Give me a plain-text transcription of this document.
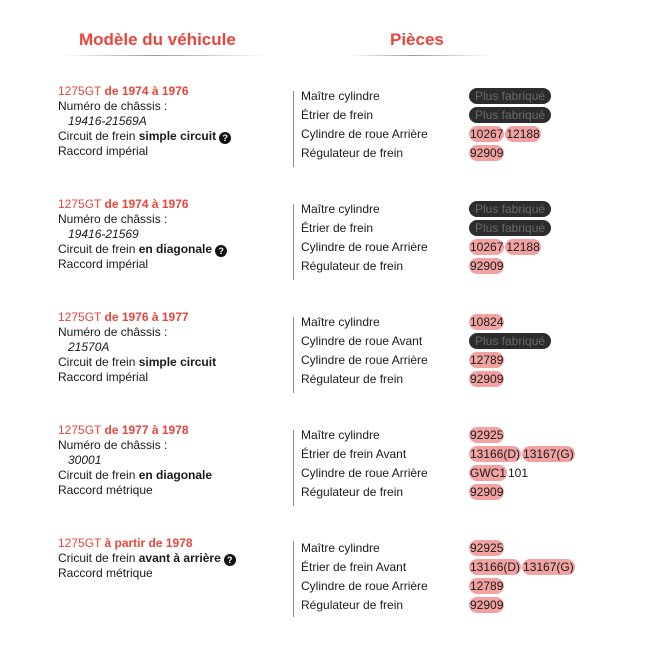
Modèle du véhicule	Pièces
1275GT de 1974 à 1976
Numéro de châssis :
19416-21569A
Circuit de frein simple circuit ?
Raccord impérial
Maître cylindre	Plus fabriqué
Étrier de frein	Plus fabriqué
Cylindre de roue Arrière	10267 12188
Régulateur de frein	92909
1275GT de 1974 à 1976
Numéro de châssis :
19416-21569
Circuit de frein en diagonale ?
Raccord impérial
Maître cylindre	Plus fabriqué
Étrier de frein	Plus fabriqué
Cylindre de roue Arrière	10267 12188
Régulateur de frein	92909
1275GT de 1976 à 1977
Numéro de châssis :
21570A
Circuit de frein simple circuit
Raccord impérial
Maître cylindre	10824
Cylindre de roue Avant	Plus fabriqué
Cylindre de roue Arrière	12789
Régulateur de frein	92909
1275GT de 1977 à 1978
Numéro de châssis :
30001
Circuit de frein en diagonale
Raccord métrique
Maître cylindre	92925
Étrier de frein Avant	13166(D) 13167(G)
Cylindre de roue Arrière	GWC1 101
Régulateur de frein	92909
1275GT à partir de 1978
Cricuit de frein avant à arrière ?
Raccord métrique
Maître cylindre	92925
Étrier de frein Avant	13166(D) 13167(G)
Cylindre de roue Arrière	12789
Régulateur de frein	92909
